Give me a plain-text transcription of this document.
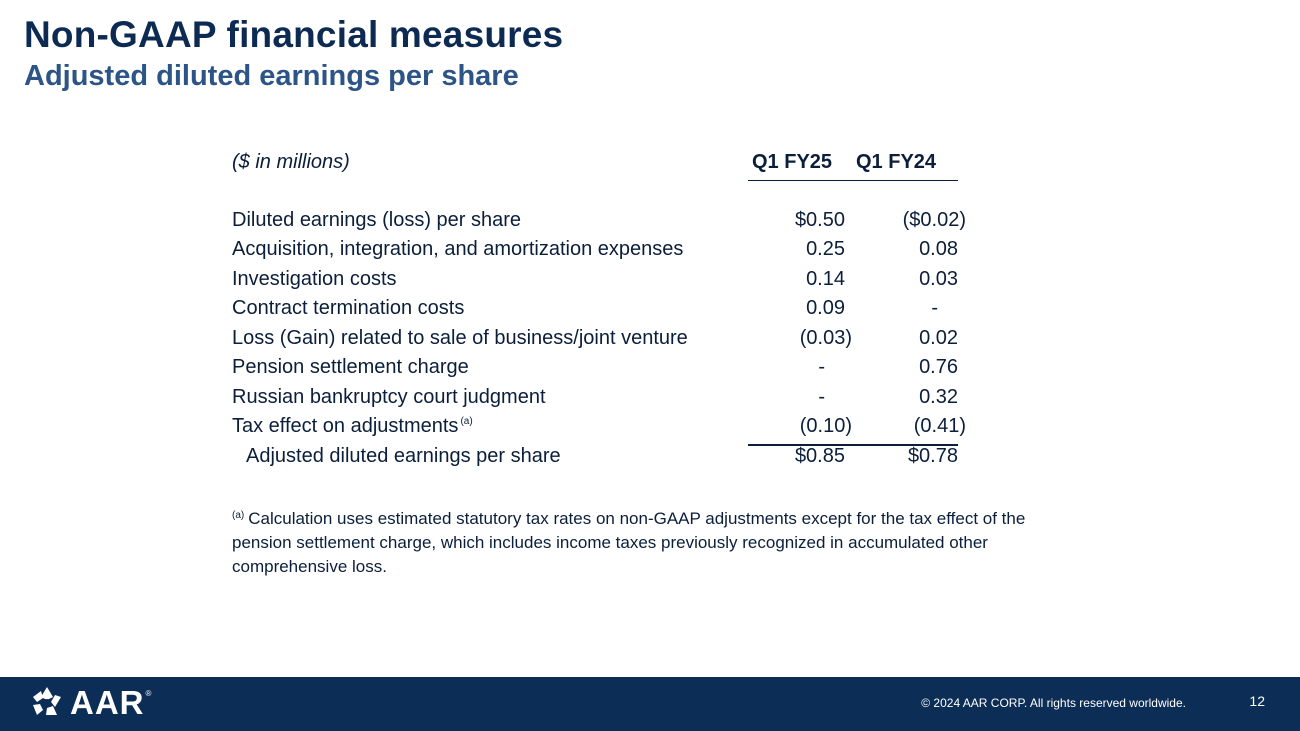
Non-GAAP financial measures
Adjusted diluted earnings per share
($ in millions)	Q1 FY25 Q1 FY24
Diluted earnings (loss) per share	$0.50	($0.02)
Acquisition, integration, and amortization expenses	0.25	0.08
Investigation costs	0.14	0.03
Contract termination costs	0.09	-
Loss (Gain) related to sale of business/joint venture	(0.03)	0.02
Pension settlement charge	-	0.76
Russian bankruptcy court judgment	-	0.32
Tax effect on adjustments $^{(a)}$	(0.10)	(0.41)
Adjusted diluted earnings per share	$0.85	$0.78
$^{(a)}$ Calculation uses estimated statutory tax rates on non-GAAP adjustments except for the tax effect of the pension settlement charge, which includes income taxes previously recognized in accumulated other comprehensive loss.
AAR ®
© 2024 AAR CORP. All rights reserved worldwide.	12
